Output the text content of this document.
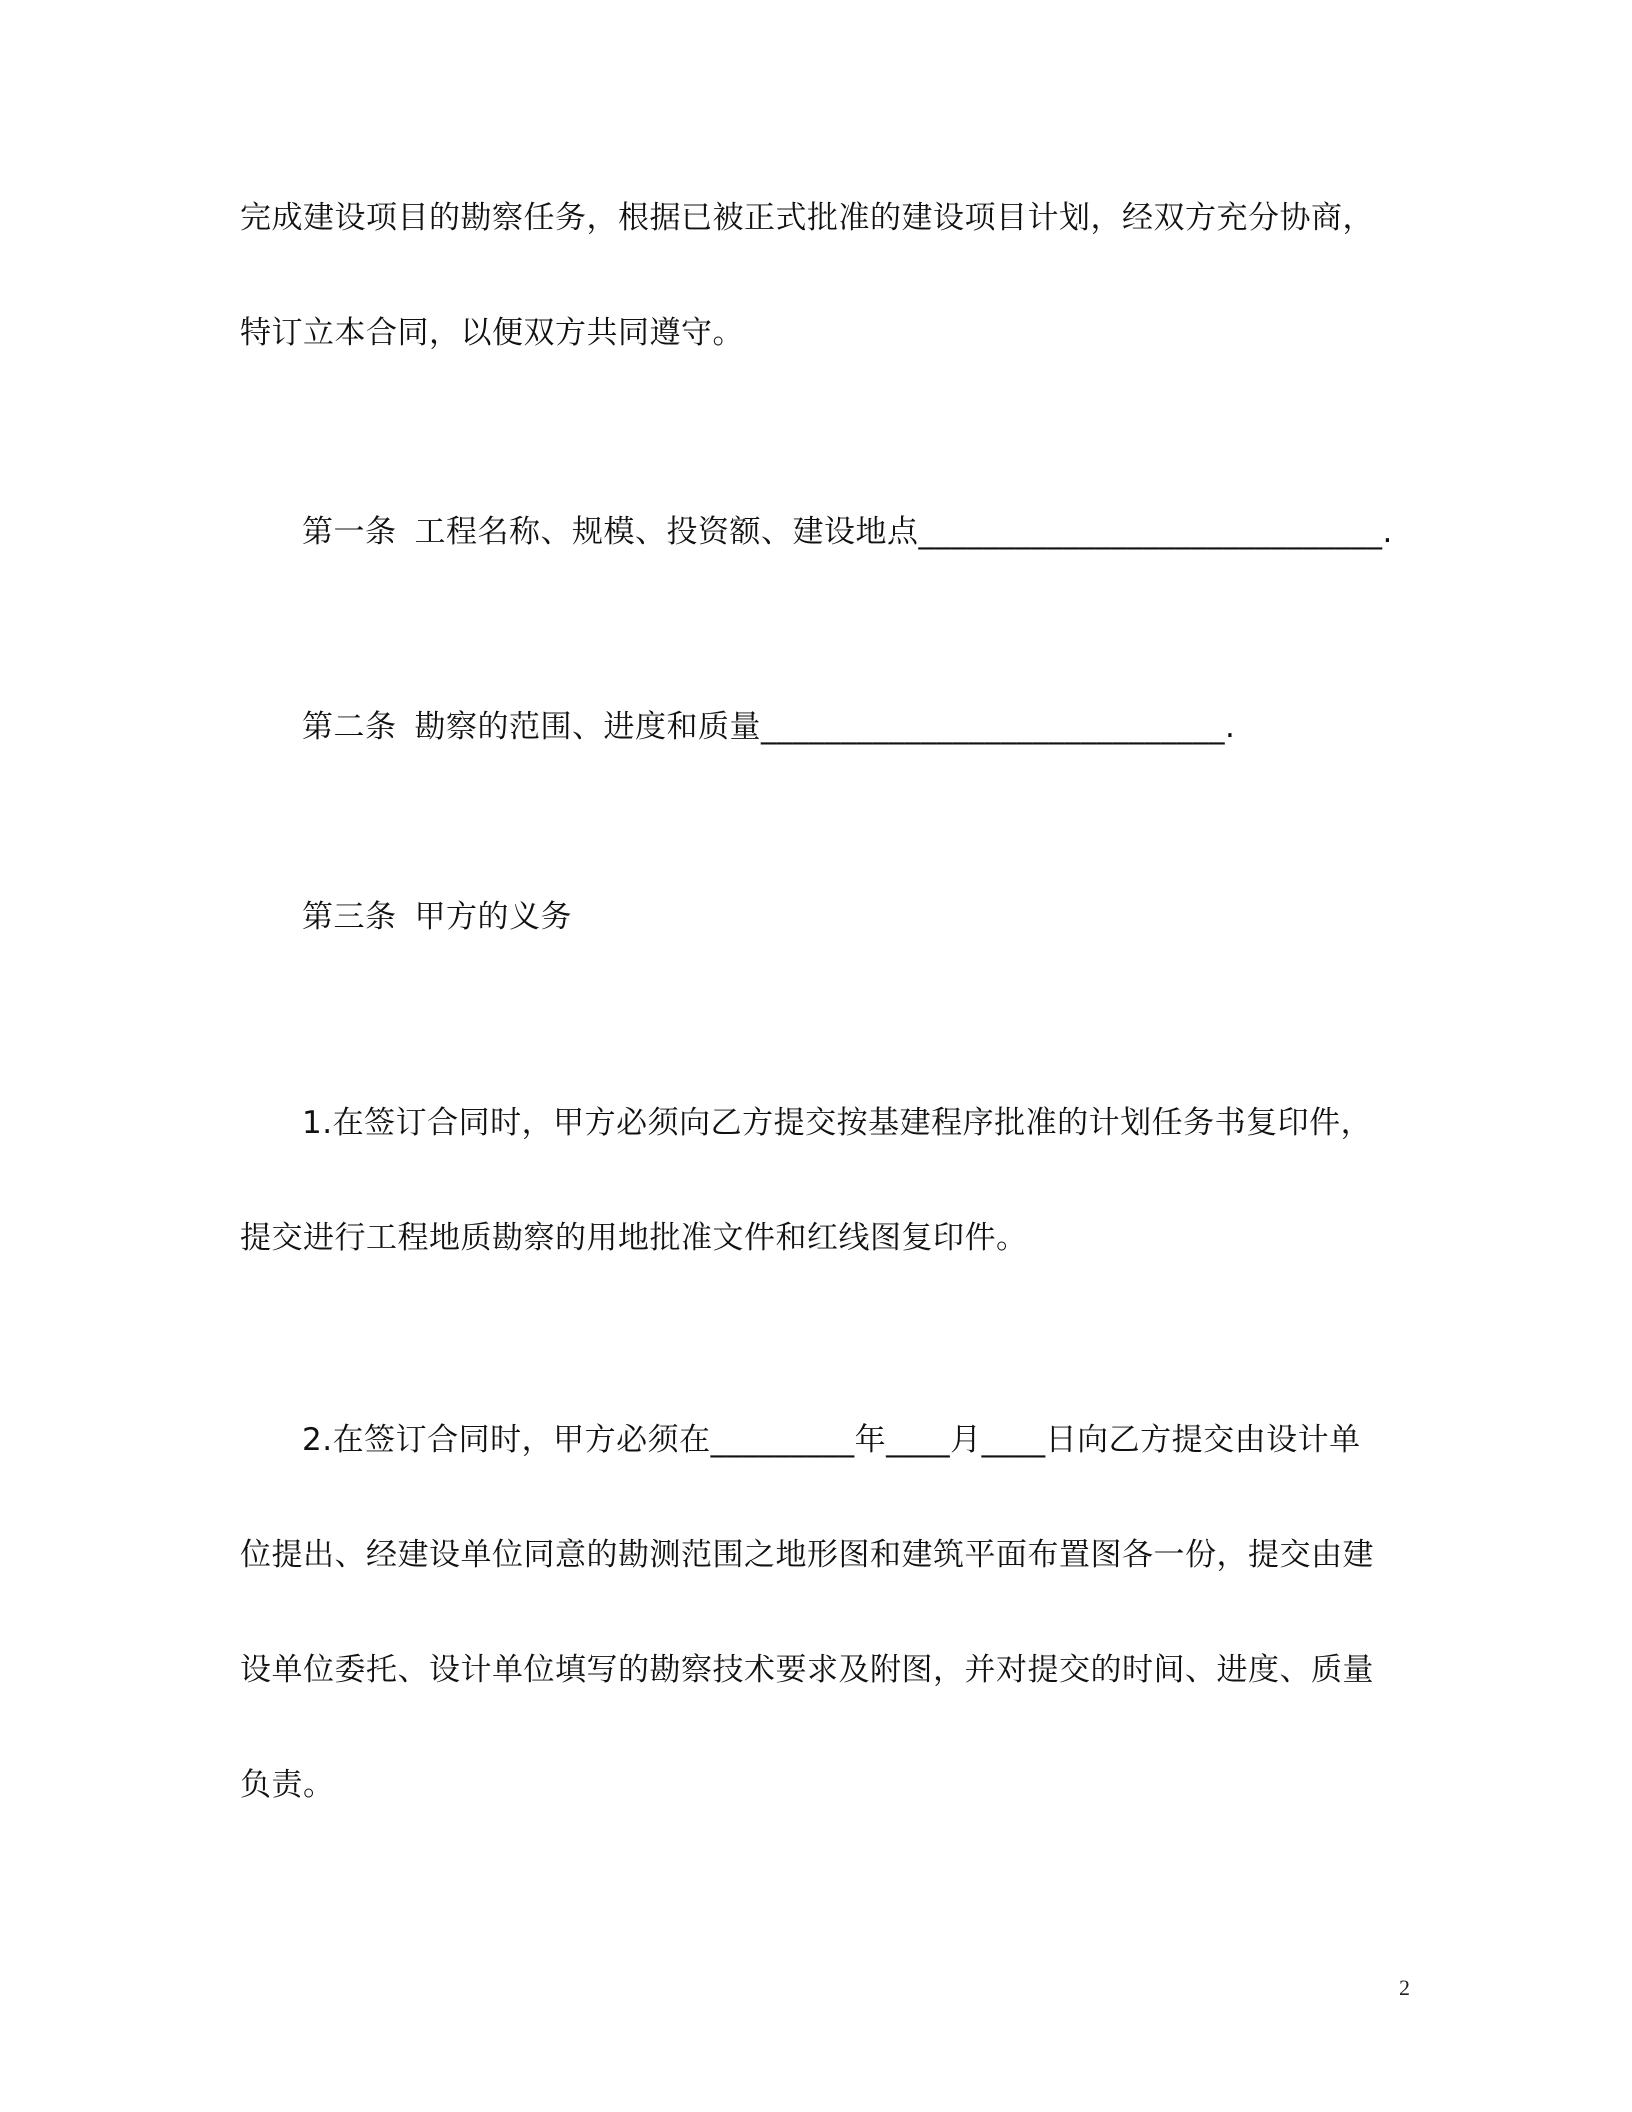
完成建设项目的勘察任务，根据已被正式批准的建设项目计划，经双方充分协商，
特订立本合同，以便双方共同遵守。
第一条 工程名称、规模、投资额、建设地点_____________________________.
第二条 勘察的范围、进度和质量_____________________________.
第三条 甲方的义务
1.在签订合同时，甲方必须向乙方提交按基建程序批准的计划任务书复印件，
提交进行工程地质勘察的用地批准文件和红线图复印件。
2.在签订合同时，甲方必须在_________年____月____日向乙方提交由设计单
位提出、经建设单位同意的勘测范围之地形图和建筑平面布置图各一份，提交由建
设单位委托、设计单位填写的勘察技术要求及附图，并对提交的时间、进度、质量
负责。
2
